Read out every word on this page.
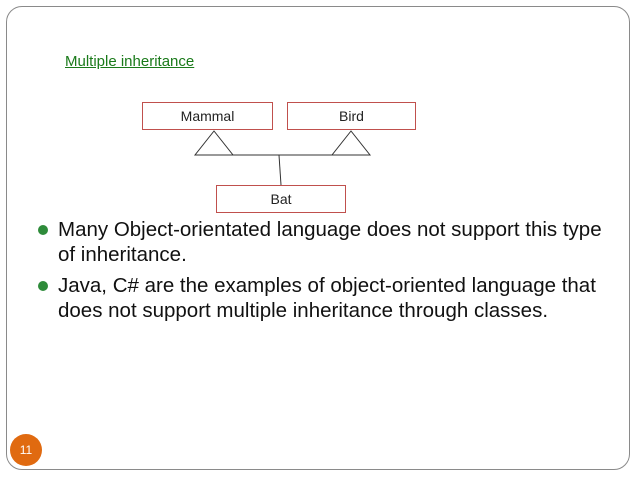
Multiple inheritance
Mammal	Bird
Bat
Many Object-orientated language does not support this type of inheritance.
Java, C# are the examples of object-oriented language that does not support multiple inheritance through classes.
11
